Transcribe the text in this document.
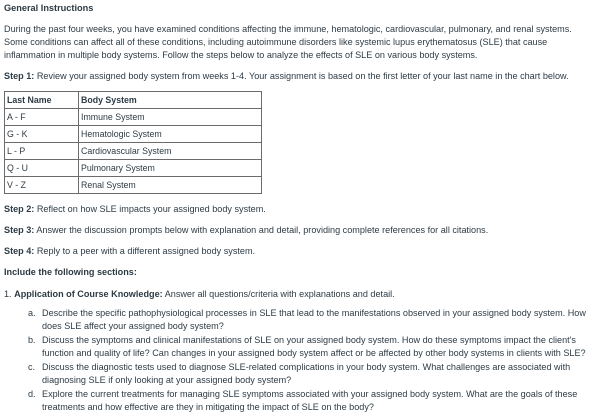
General Instructions

During the past four weeks, you have examined conditions affecting the immune, hematologic, cardiovascular, pulmonary, and renal systems. Some conditions can affect all of these conditions, including autoimmune disorders like systemic lupus erythematosus (SLE) that cause inflammation in multiple body systems. Follow the steps below to analyze the effects of SLE on various body systems.

Step 1: Review your assigned body system from weeks 1-4. Your assignment is based on the first letter of your last name in the chart below.

Last Name	Body System
A - F	Immune System
G - K	Hematologic System
L - P	Cardiovascular System
Q - U	Pulmonary System
V - Z	Renal System

Step 2: Reflect on how SLE impacts your assigned body system.

Step 3: Answer the discussion prompts below with explanation and detail, providing complete references for all citations.

Step 4: Reply to a peer with a different assigned body system.

Include the following sections:

1. Application of Course Knowledge: Answer all questions/criteria with explanations and detail.

a. Describe the specific pathophysiological processes in SLE that lead to the manifestations observed in your assigned body system. How does SLE affect your assigned body system?
b. Discuss the symptoms and clinical manifestations of SLE on your assigned body system. How do these symptoms impact the client's function and quality of life? Can changes in your assigned body system affect or be affected by other body systems in clients with SLE?
c. Discuss the diagnostic tests used to diagnose SLE-related complications in your body system. What challenges are associated with diagnosing SLE if only looking at your assigned body system?
d. Explore the current treatments for managing SLE symptoms associated with your assigned body system. What are the goals of these treatments and how effective are they in mitigating the impact of SLE on the body?
